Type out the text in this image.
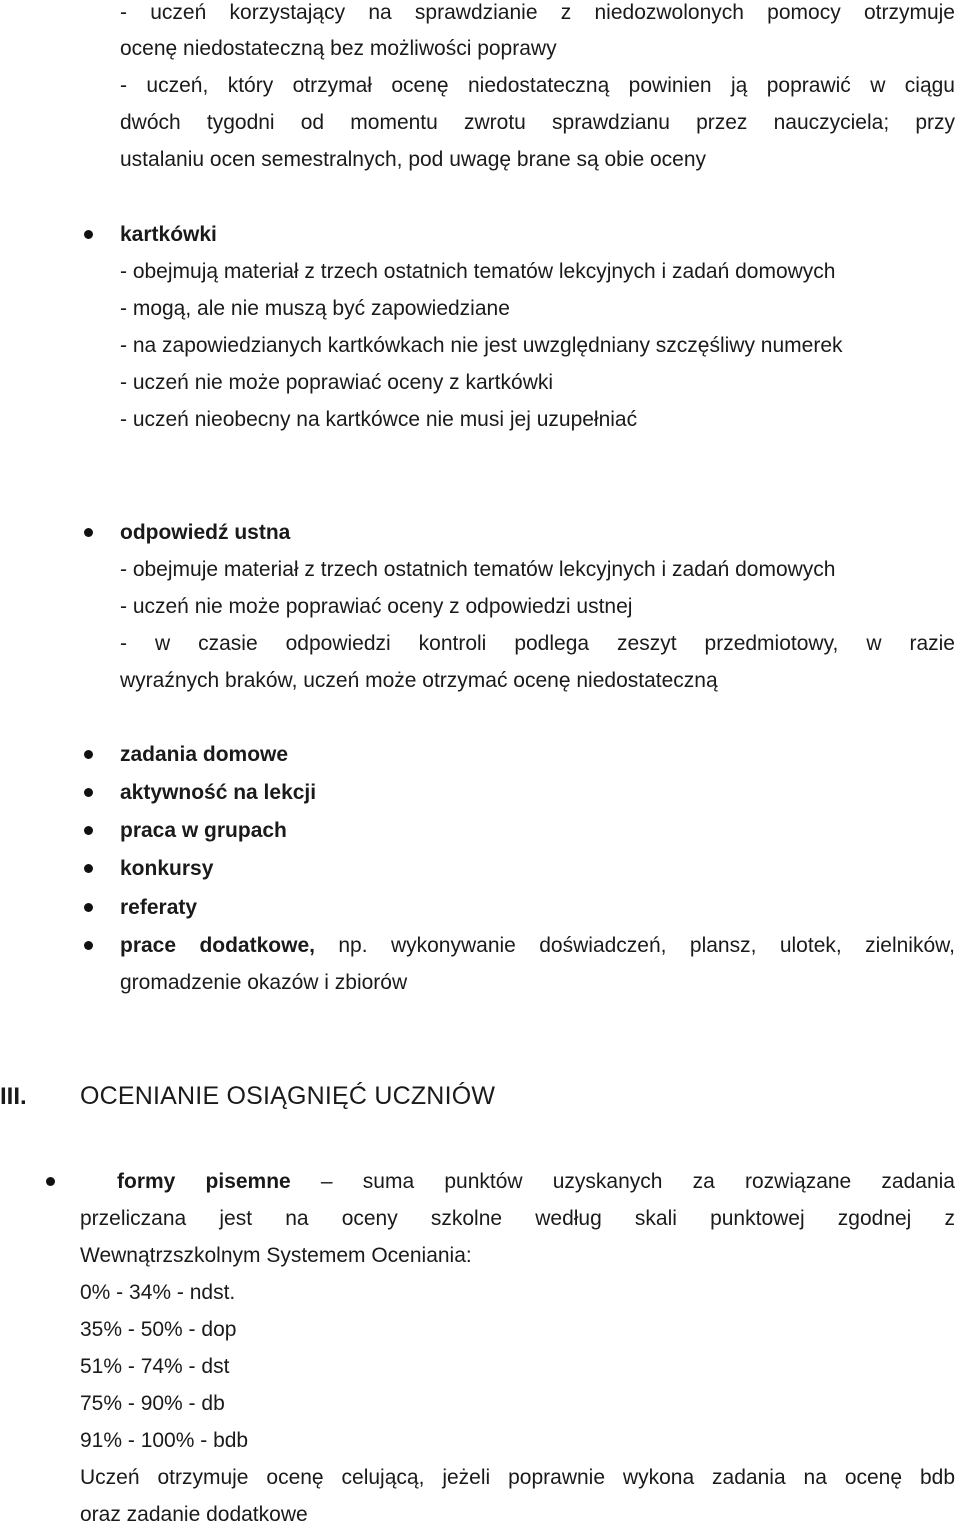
- uczeń korzystający na sprawdzianie z niedozwolonych pomocy otrzymuje
ocenę niedostateczną bez możliwości poprawy
- uczeń, który otrzymał ocenę niedostateczną powinien ją poprawić w ciągu
dwóch tygodni od momentu zwrotu sprawdzianu przez nauczyciela; przy
ustalaniu ocen semestralnych, pod uwagę brane są obie oceny
kartkówki
- obejmują materiał z trzech ostatnich tematów lekcyjnych i zadań domowych
- mogą, ale nie muszą być zapowiedziane
- na zapowiedzianych kartkówkach nie jest uwzględniany szczęśliwy numerek
- uczeń nie może poprawiać oceny z kartkówki
- uczeń nieobecny na kartkówce nie musi jej uzupełniać
odpowiedź ustna
- obejmuje materiał z trzech ostatnich tematów lekcyjnych i zadań domowych
- uczeń nie może poprawiać oceny z odpowiedzi ustnej
- w czasie odpowiedzi kontroli podlega zeszyt przedmiotowy, w razie
wyraźnych braków, uczeń może otrzymać ocenę niedostateczną
zadania domowe
aktywność na lekcji
praca w grupach
konkursy
referaty
prace dodatkowe, np. wykonywanie doświadczeń, plansz, ulotek, zielników,
gromadzenie okazów i zbiorów
III. OCENIANIE OSIĄGNIĘĆ UCZNIÓW
formy pisemne – suma punktów uzyskanych za rozwiązane zadania
przeliczana jest na oceny szkolne według skali punktowej zgodnej z
Wewnątrzszkolnym Systemem Oceniania:
0% - 34% - ndst.
35% - 50% - dop
51% - 74% - dst
75% - 90% - db
91% - 100% - bdb
Uczeń otrzymuje ocenę celującą, jeżeli poprawnie wykona zadania na ocenę bdb
oraz zadanie dodatkowe
